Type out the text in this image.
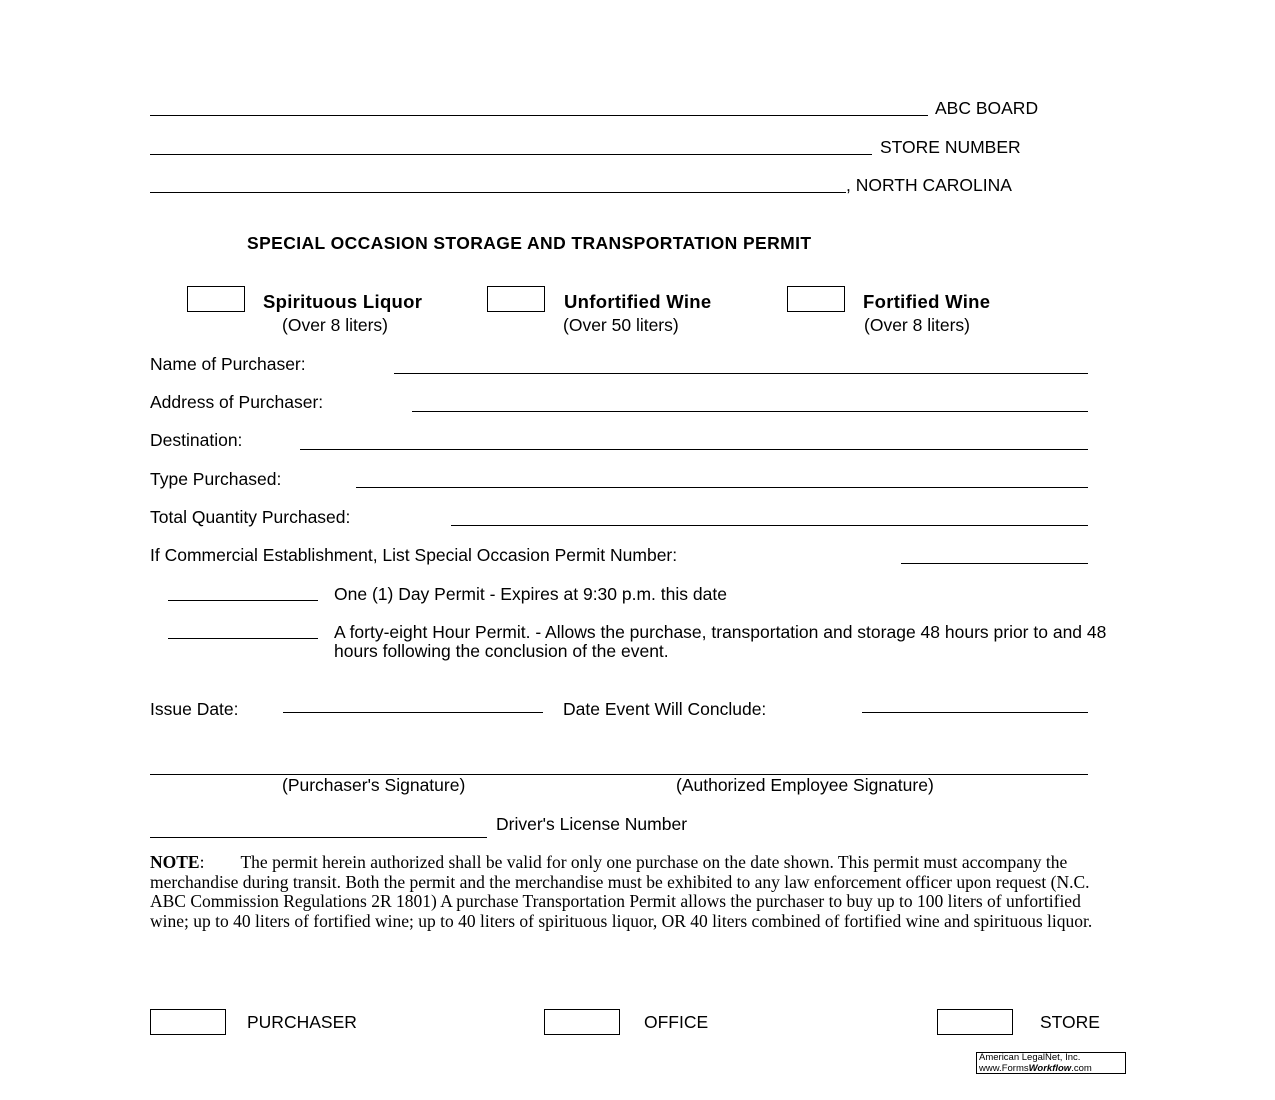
ABC BOARD
STORE NUMBER
, NORTH CAROLINA
SPECIAL OCCASION STORAGE AND TRANSPORTATION PERMIT
Spirituous Liquor
(Over 8 liters)
Unfortified Wine
(Over 50 liters)
Fortified Wine
(Over 8 liters)
Name of Purchaser:
Address of Purchaser:
Destination:
Type Purchased:
Total Quantity Purchased:
If Commercial Establishment, List Special Occasion Permit Number:
One (1) Day Permit - Expires at 9:30 p.m. this date
A forty-eight Hour Permit. - Allows the purchase, transportation and storage 48 hours prior to and 48 hours following the conclusion of the event.
Issue Date:	Date Event Will Conclude:
(Purchaser's Signature)	(Authorized Employee Signature)
Driver's License Number
NOTE: The permit herein authorized shall be valid for only one purchase on the date shown. This permit must accompany the merchandise during transit. Both the permit and the merchandise must be exhibited to any law enforcement officer upon request (N.C. ABC Commission Regulations 2R 1801) A purchase Transportation Permit allows the purchaser to buy up to 100 liters of unfortified wine; up to 40 liters of fortified wine; up to 40 liters of spirituous liquor, OR 40 liters combined of fortified wine and spirituous liquor.
PURCHASER	OFFICE	STORE
American LegalNet, Inc.
www.FormsWorkflow.com
